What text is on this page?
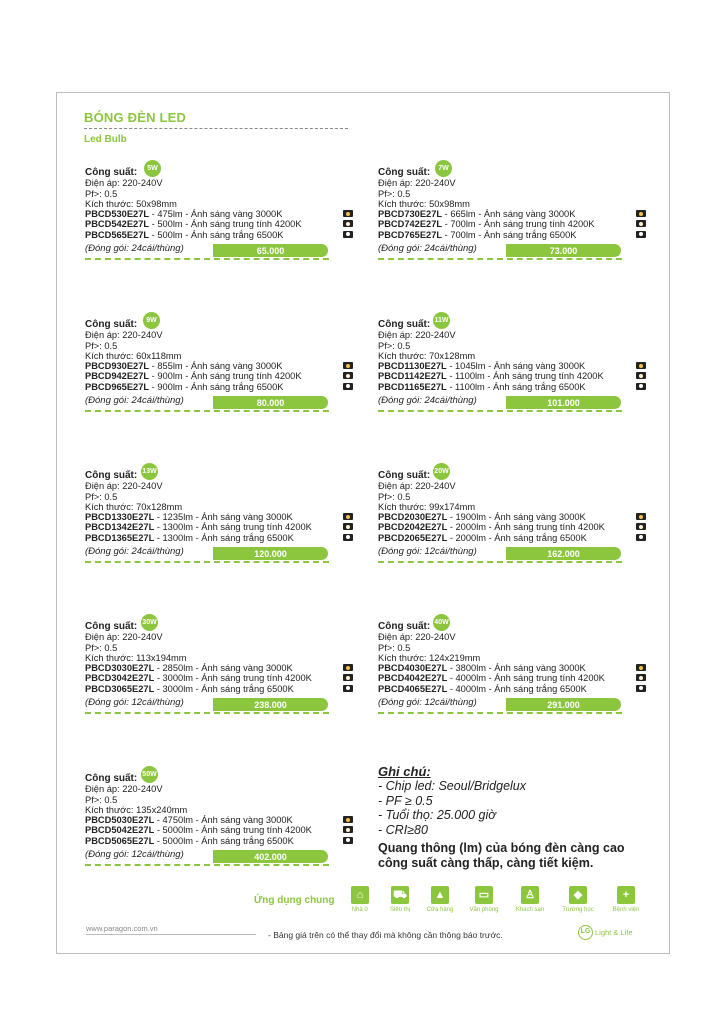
BÓNG ĐÈN LED
Led Bulb
Công suất:
Điện áp: 220-240V
Pf>: 0.5
Kích thước: 50x98mm
PBCD530E27L - 475lm - Ánh sáng vàng 3000K
PBCD542E27L - 500lm - Ánh sáng trung tính 4200K
PBCD565E27L - 500lm - Ánh sáng trắng 6500K
(Đóng gói: 24cái/thùng)	65.000
5W	Công suất:
Điện áp: 220-240V
Pf>: 0.5
Kích thước: 50x98mm
PBCD730E27L - 665lm - Ánh sáng vàng 3000K
PBCD742E27L - 700lm - Ánh sáng trung tính 4200K
PBCD765E27L - 700lm - Ánh sáng trắng 6500K
(Đóng gói: 24cái/thùng)	73.000
7W
Công suất:
Điện áp: 220-240V
Pf>: 0.5
Kích thước: 60x118mm
PBCD930E27L - 855lm - Ánh sáng vàng 3000K
PBCD942E27L - 900lm - Ánh sáng trung tính 4200K
PBCD965E27L - 900lm - Ánh sáng trắng 6500K
(Đóng gói: 24cái/thùng)	80.000
9W	Công suất:
Điện áp: 220-240V
Pf>: 0.5
Kích thước: 70x128mm
PBCD1130E27L - 1045lm - Ánh sáng vàng 3000K
PBCD1142E27L - 1100lm - Ánh sáng trung tính 4200K
PBCD1165E27L - 1100lm - Ánh sáng trắng 6500K
(Đóng gói: 24cái/thùng)	101.000
11W
Công suất:
Điện áp: 220-240V
Pf>: 0.5
Kích thước: 70x128mm
PBCD1330E27L - 1235lm - Ánh sáng vàng 3000K
PBCD1342E27L - 1300lm - Ánh sáng trung tính 4200K
PBCD1365E27L - 1300lm - Ánh sáng trắng 6500K
(Đóng gói: 24cái/thùng)	120.000
13W	Công suất:
Điện áp: 220-240V
Pf>: 0.5
Kích thước: 99x174mm
PBCD2030E27L - 1900lm - Ánh sáng vàng 3000K
PBCD2042E27L - 2000lm - Ánh sáng trung tính 4200K
PBCD2065E27L - 2000lm - Ánh sáng trắng 6500K
(Đóng gói: 12cái/thùng)	162.000
20W
Công suất:
Điện áp: 220-240V
Pf>: 0.5
Kích thước: 113x194mm
PBCD3030E27L - 2850lm - Ánh sáng vàng 3000K
PBCD3042E27L - 3000lm - Ánh sáng trung tính 4200K
PBCD3065E27L - 3000lm - Ánh sáng trắng 6500K
(Đóng gói: 12cái/thùng)	238.000
30W	Công suất:
Điện áp: 220-240V
Pf>: 0.5
Kích thước: 124x219mm
PBCD4030E27L - 3800lm - Ánh sáng vàng 3000K
PBCD4042E27L - 4000lm - Ánh sáng trung tính 4200K
PBCD4065E27L - 4000lm - Ánh sáng trắng 6500K
(Đóng gói: 12cái/thùng)	291.000
40W
Công suất:
Điện áp: 220-240V
Pf>: 0.5
Kích thước: 135x240mm
PBCD5030E27L - 4750lm - Ánh sáng vàng 3000K
PBCD5042E27L - 5000lm - Ánh sáng trung tính 4200K
PBCD5065E27L - 5000lm - Ánh sáng trắng 6500K
(Đóng gói: 12cái/thùng)	402.000
50W	Ghi chú:
- Chip led: Seoul/Bridgelux
- PF ≥ 0.5
- Tuổi thọ: 25.000 giờ
- CRI≥80
Quang thông (lm) của bóng đèn càng cao
công suất càng thấp, càng tiết kiệm.
Ứng dụng chung	⌂
Nhà ở
⛟
Siêu thị
▲
Cửa hàng
▭
Văn phòng
♙
Khách sạn
◆
Trường học
+
Bệnh viện
www.paragon.com.vn
- Bảng giá trên có thể thay đổi mà không cần thông báo trước.	LG Light & Life
